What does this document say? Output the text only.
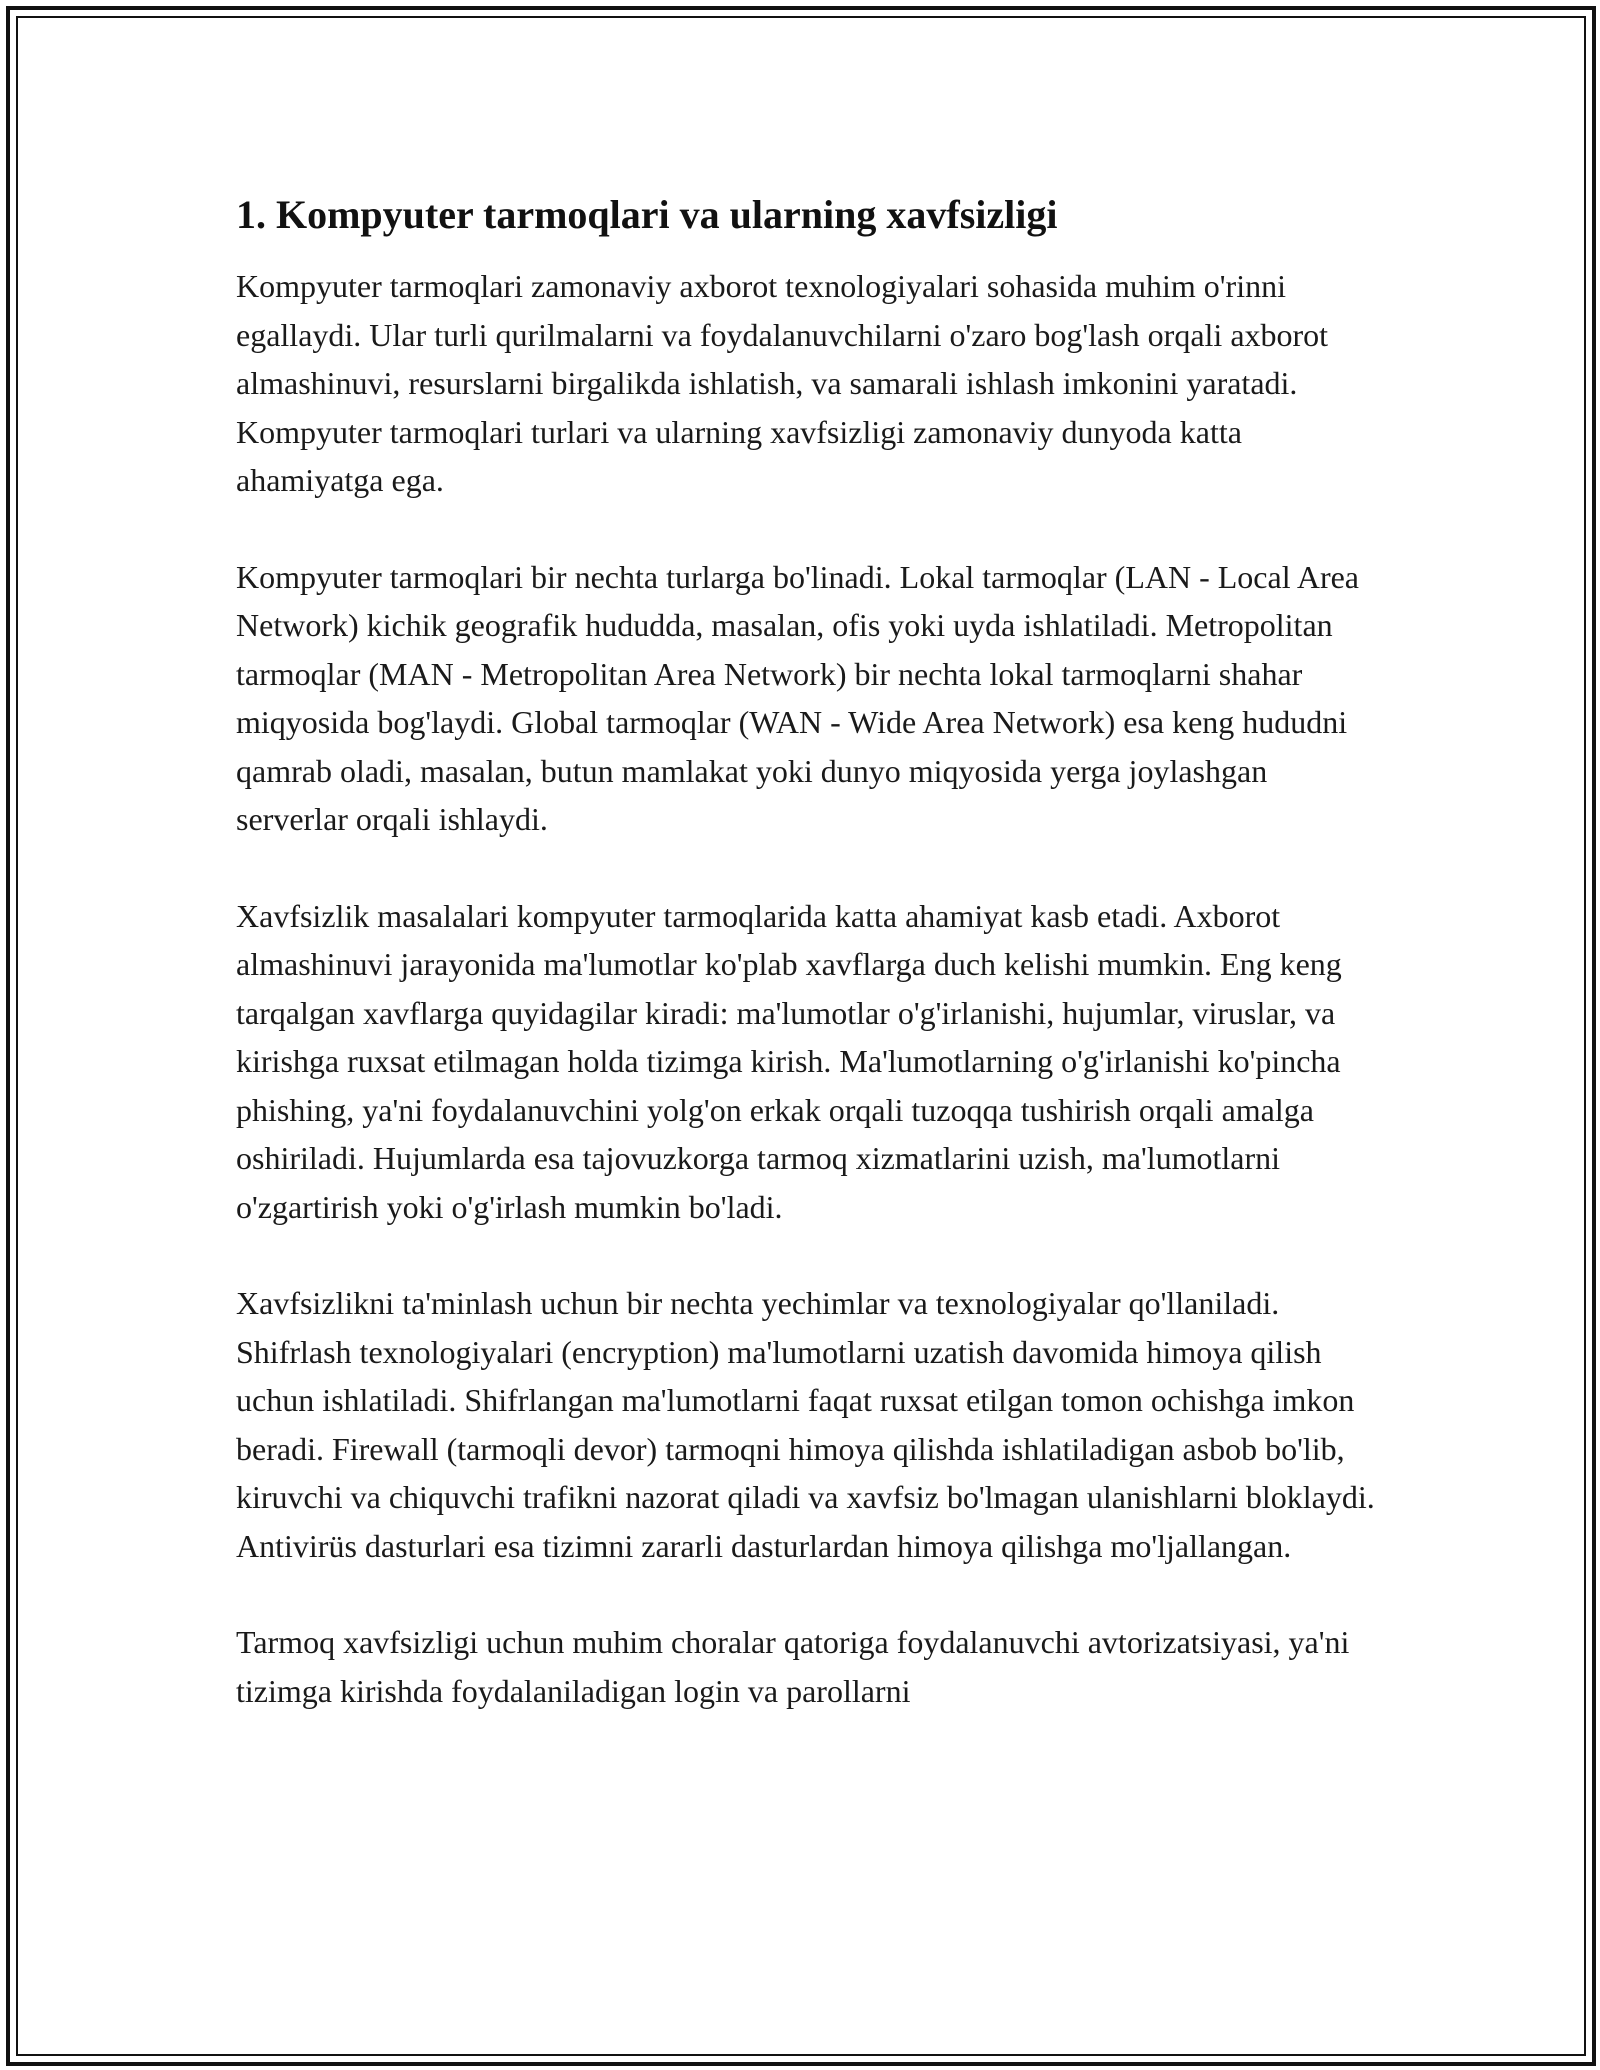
1. Kompyuter tarmoqlari va ularning xavfsizligi

Kompyuter tarmoqlari zamonaviy axborot texnologiyalari sohasida muhim o'rinni egallaydi. Ular turli qurilmalarni va foydalanuvchilarni o'zaro bog'lash orqali axborot almashinuvi, resurslarni birgalikda ishlatish, va samarali ishlash imkonini yaratadi. Kompyuter tarmoqlari turlari va ularning xavfsizligi zamonaviy dunyoda katta ahamiyatga ega.

Kompyuter tarmoqlari bir nechta turlarga bo'linadi. Lokal tarmoqlar (LAN - Local Area Network) kichik geografik hududda, masalan, ofis yoki uyda ishlatiladi. Metropolitan tarmoqlar (MAN - Metropolitan Area Network) bir nechta lokal tarmoqlarni shahar miqyosida bog'laydi. Global tarmoqlar (WAN - Wide Area Network) esa keng hududni qamrab oladi, masalan, butun mamlakat yoki dunyo miqyosida yerga joylashgan serverlar orqali ishlaydi.

Xavfsizlik masalalari kompyuter tarmoqlarida katta ahamiyat kasb etadi. Axborot almashinuvi jarayonida ma'lumotlar ko'plab xavflarga duch kelishi mumkin. Eng keng tarqalgan xavflarga quyidagilar kiradi: ma'lumotlar o'g'irlanishi, hujumlar, viruslar, va kirishga ruxsat etilmagan holda tizimga kirish. Ma'lumotlarning o'g'irlanishi ko'pincha phishing, ya'ni foydalanuvchini yolg'on erkak orqali tuzoqqa tushirish orqali amalga oshiriladi. Hujumlarda esa tajovuzkorga tarmoq xizmatlarini uzish, ma'lumotlarni o'zgartirish yoki o'g'irlash mumkin bo'ladi.

Xavfsizlikni ta'minlash uchun bir nechta yechimlar va texnologiyalar qo'llaniladi. Shifrlash texnologiyalari (encryption) ma'lumotlarni uzatish davomida himoya qilish uchun ishlatiladi. Shifrlangan ma'lumotlarni faqat ruxsat etilgan tomon ochishga imkon beradi. Firewall (tarmoqli devor) tarmoqni himoya qilishda ishlatiladigan asbob bo'lib, kiruvchi va chiquvchi trafikni nazorat qiladi va xavfsiz bo'lmagan ulanishlarni bloklaydi. Antivirüs dasturlari esa tizimni zararli dasturlardan himoya qilishga mo'ljallangan.

Tarmoq xavfsizligi uchun muhim choralar qatoriga foydalanuvchi avtorizatsiyasi, ya'ni tizimga kirishda foydalaniladigan login va parollarni
